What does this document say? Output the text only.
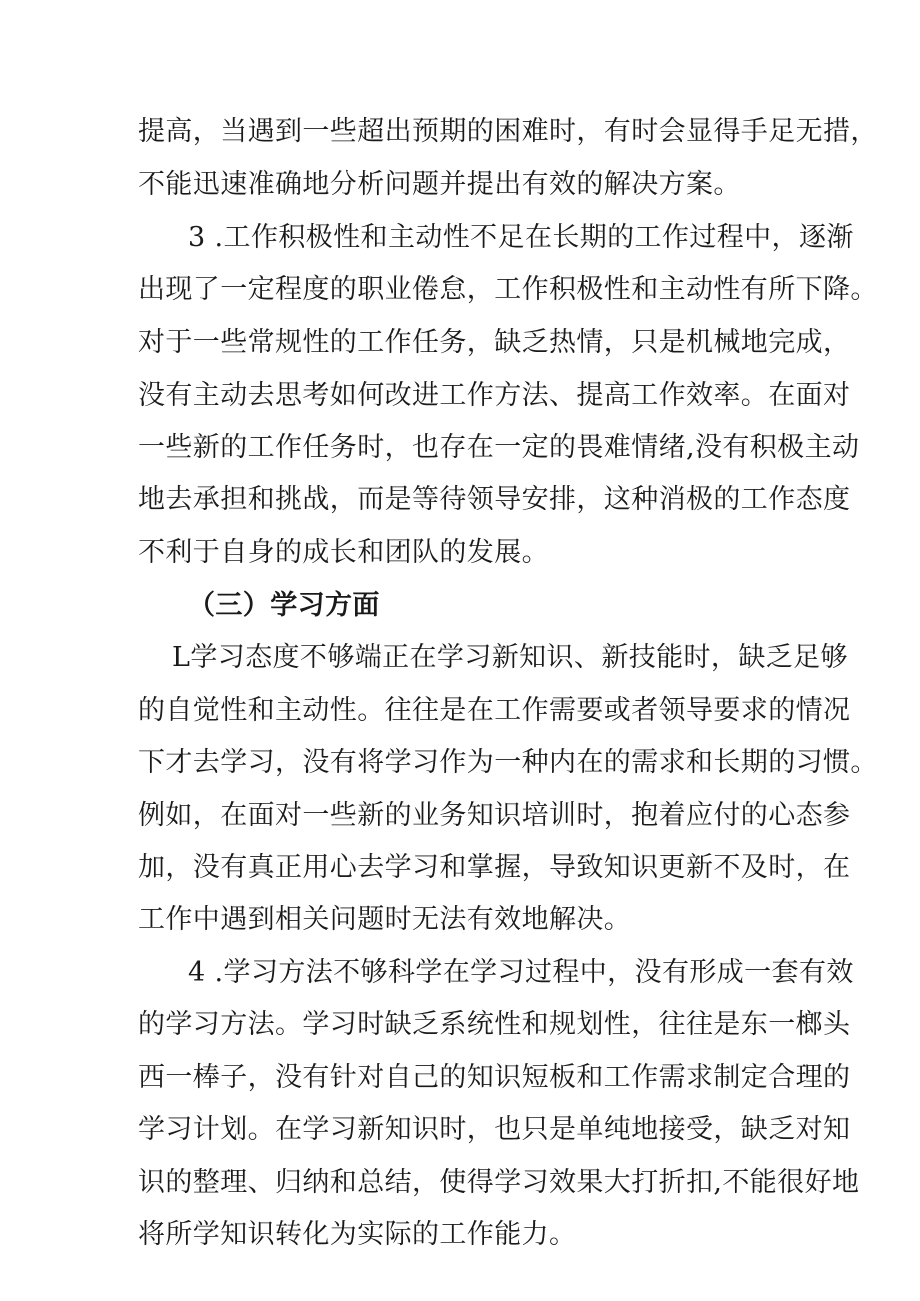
提高，当遇到一些超出预期的困难时，有时会显得手足无措，
不能迅速准确地分析问题并提出有效的解决方案。
3 .工作积极性和主动性不足在长期的工作过程中，逐渐
出现了一定程度的职业倦怠，工作积极性和主动性有所下降。
对于一些常规性的工作任务，缺乏热情，只是机械地完成，
没有主动去思考如何改进工作方法、提高工作效率。在面对
一些新的工作任务时，也存在一定的畏难情绪,没有积极主动
地去承担和挑战，而是等待领导安排，这种消极的工作态度
不利于自身的成长和团队的发展。
（三）学习方面
L学习态度不够端正在学习新知识、新技能时，缺乏足够
的自觉性和主动性。往往是在工作需要或者领导要求的情况
下才去学习，没有将学习作为一种内在的需求和长期的习惯。
例如，在面对一些新的业务知识培训时，抱着应付的心态参
加，没有真正用心去学习和掌握，导致知识更新不及时，在
工作中遇到相关问题时无法有效地解决。
4 .学习方法不够科学在学习过程中，没有形成一套有效
的学习方法。学习时缺乏系统性和规划性，往往是东一榔头
西一棒子，没有针对自己的知识短板和工作需求制定合理的
学习计划。在学习新知识时，也只是单纯地接受，缺乏对知
识的整理、归纳和总结，使得学习效果大打折扣,不能很好地
将所学知识转化为实际的工作能力。
